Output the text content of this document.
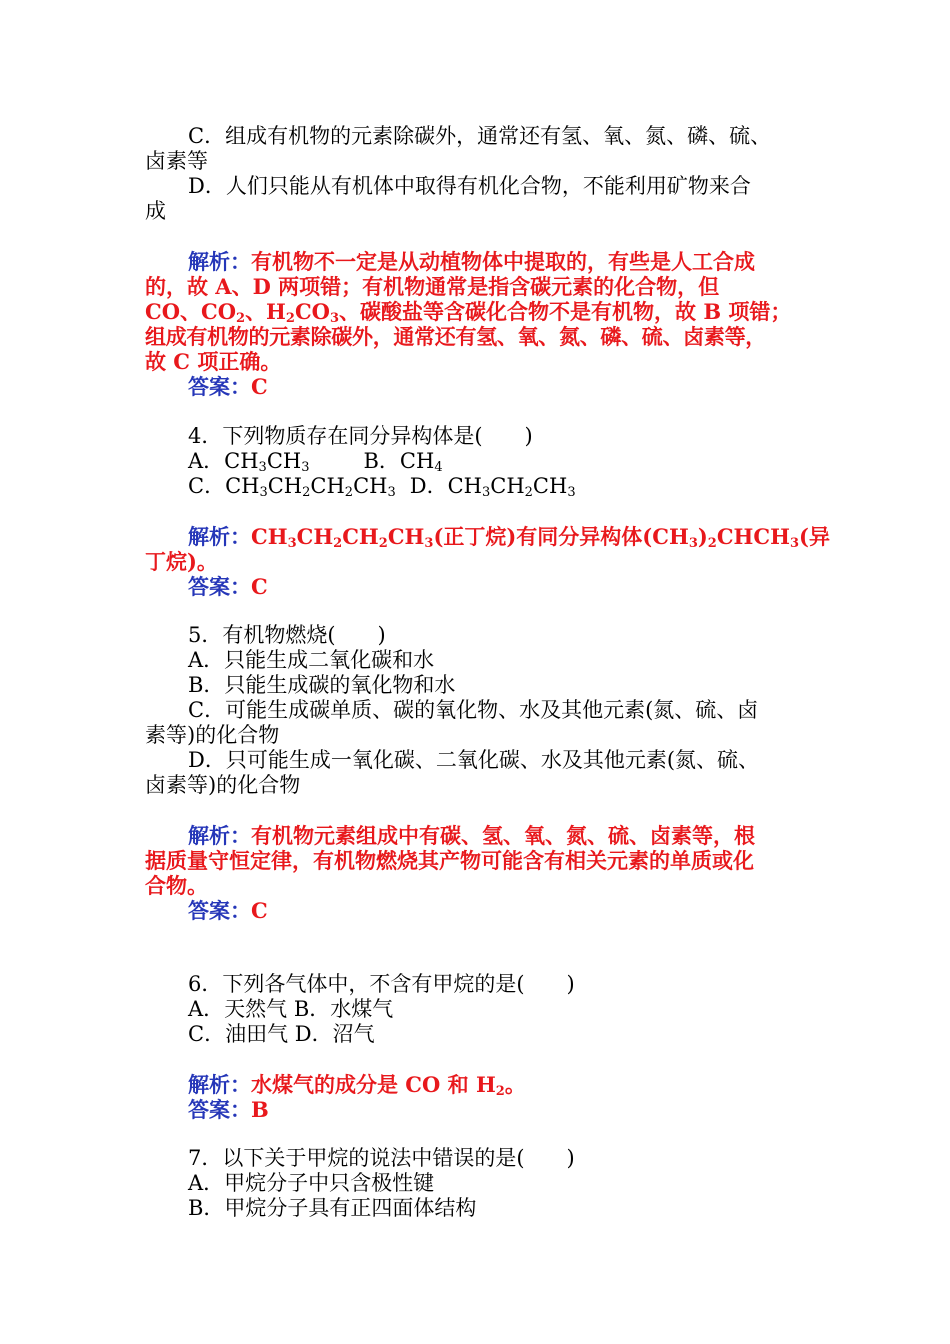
C．组成有机物的元素除碳外，通常还有氢、氧、氮、磷、硫、
卤素等
D．人们只能从有机体中取得有机化合物，不能利用矿物来合
成
解析：有机物不一定是从动植物体中提取的，有些是人工合成
的，故 A、D 两项错；有机物通常是指含碳元素的化合物，但
CO、$CO_2$、$H_2CO_3$、碳酸盐等含碳化合物不是有机物，故 B 项错；
组成有机物的元素除碳外，通常还有氢、氧、氮、磷、硫、卤素等，
故 C 项正确。
答案：C
4．下列物质存在同分异构体是(　　)
A．$CH_3CH_3$	B．$CH_4$
C．$CH_3CH_2CH_2CH_3$ D．$CH_3CH_2CH_3$
解析：$CH_3CH_2CH_2CH_3$(正丁烷)有同分异构体$(CH_3)_2CHCH_3$(异
丁烷)。
答案：C
5．有机物燃烧(　　)
A．只能生成二氧化碳和水
B．只能生成碳的氧化物和水
C．可能生成碳单质、碳的氧化物、水及其他元素(氮、硫、卤
素等)的化合物
D．只可能生成一氧化碳、二氧化碳、水及其他元素(氮、硫、
卤素等)的化合物
解析：有机物元素组成中有碳、氢、氧、氮、硫、卤素等，根
据质量守恒定律，有机物燃烧其产物可能含有相关元素的单质或化
合物。
答案：C
6．下列各气体中，不含有甲烷的是(　　)
A．天然气 B．水煤气
C．油田气 D．沼气
解析：水煤气的成分是 CO 和 $H_2$。
答案：B
7．以下关于甲烷的说法中错误的是(　　)
A．甲烷分子中只含极性键
B．甲烷分子具有正四面体结构
